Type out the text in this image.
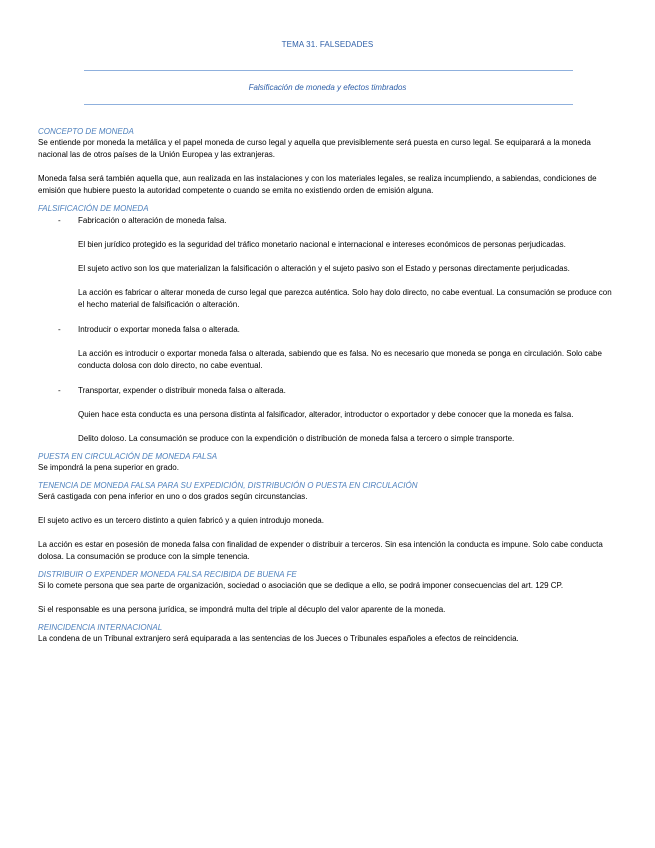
TEMA 31. FALSEDADES
Falsificación de moneda y efectos timbrados
CONCEPTO DE MONEDA

Se entiende por moneda la metálica y el papel moneda de curso legal y aquella que previsiblemente será puesta en curso legal. Se equiparará a la moneda nacional las de otros países de la Unión Europea y las extranjeras.

Moneda falsa será también aquella que, aun realizada en las instalaciones y con los materiales legales, se realiza incumpliendo, a sabiendas, condiciones de emisión que hubiere puesto la autoridad competente o cuando se emita no existiendo orden de emisión alguna.

FALSIFICACIÓN DE MONEDA
- Fabricación o alteración de moneda falsa.

El bien jurídico protegido es la seguridad del tráfico monetario nacional e internacional e intereses económicos de personas perjudicadas.

El sujeto activo son los que materializan la falsificación o alteración y el sujeto pasivo son el Estado y personas directamente perjudicadas.

La acción es fabricar o alterar moneda de curso legal que parezca auténtica. Solo hay dolo directo, no cabe eventual. La consumación se produce con el hecho material de falsificación o alteración.

- Introducir o exportar moneda falsa o alterada.

La acción es introducir o exportar moneda falsa o alterada, sabiendo que es falsa. No es necesario que moneda se ponga en circulación. Solo cabe conducta dolosa con dolo directo, no cabe eventual.

- Transportar, expender o distribuir moneda falsa o alterada.

Quien hace esta conducta es una persona distinta al falsificador, alterador, introductor o exportador y debe conocer que la moneda es falsa.

Delito doloso. La consumación se produce con la expendición o distribución de moneda falsa a tercero o simple transporte.

PUESTA EN CIRCULACIÓN DE MONEDA FALSA

Se impondrá la pena superior en grado.

TENENCIA DE MONEDA FALSA PARA SU EXPEDICIÓN, DISTRIBUCIÓN O PUESTA EN CIRCULACIÓN

Será castigada con pena inferior en uno o dos grados según circunstancias.

El sujeto activo es un tercero distinto a quien fabricó y a quien introdujo moneda.

La acción es estar en posesión de moneda falsa con finalidad de expender o distribuir a terceros. Sin esa intención la conducta es impune. Solo cabe conducta dolosa. La consumación se produce con la simple tenencia.

DISTRIBUIR O EXPENDER MONEDA FALSA RECIBIDA DE BUENA FE

Si lo comete persona que sea parte de organización, sociedad o asociación que se dedique a ello, se podrá imponer consecuencias del art. 129 CP.

Si el responsable es una persona jurídica, se impondrá multa del triple al décuplo del valor aparente de la moneda.

REINCIDENCIA INTERNACIONAL

La condena de un Tribunal extranjero será equiparada a las sentencias de los Jueces o Tribunales españoles a efectos de reincidencia.
